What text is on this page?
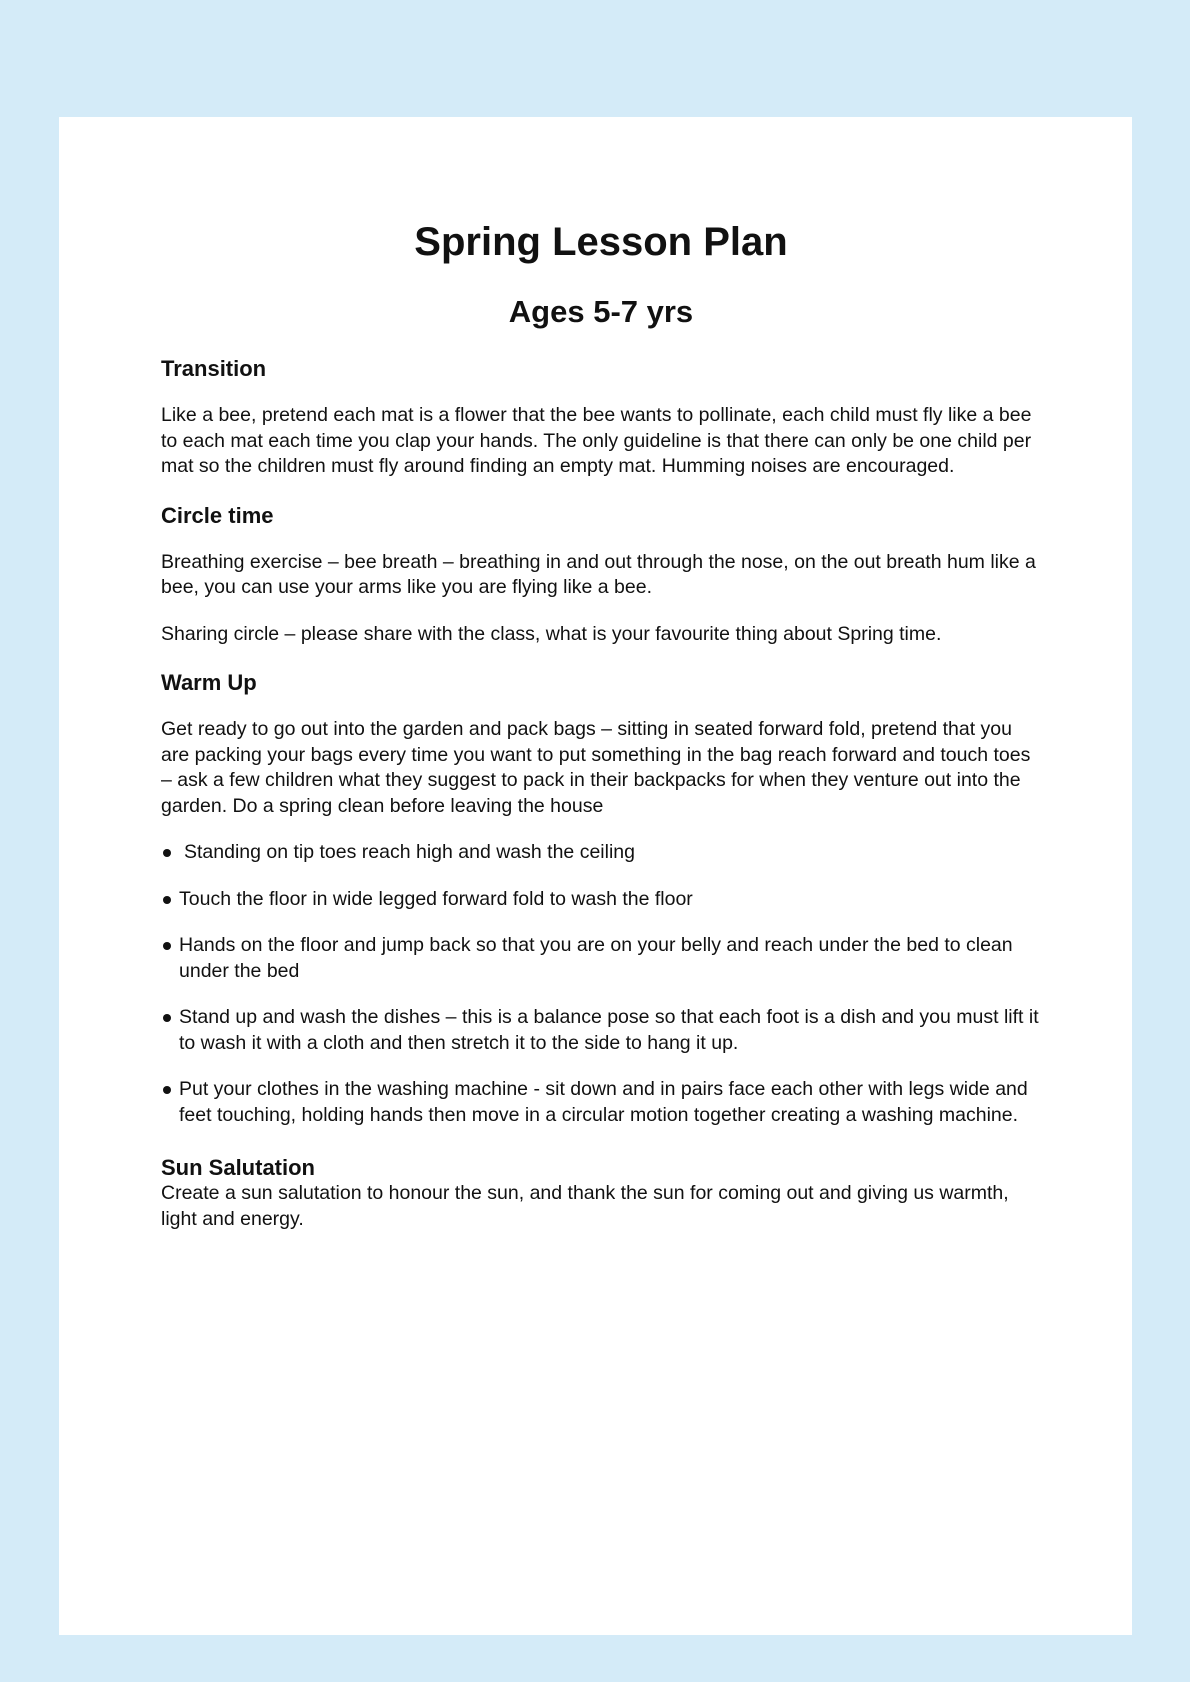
Spring Lesson Plan
Ages 5-7 yrs
Transition

Like a bee, pretend each mat is a flower that the bee wants to pollinate, each child must fly like a bee to each mat each time you clap your hands. The only guideline is that there can only be one child per mat so the children must fly around finding an empty mat. Humming noises are encouraged.

Circle time

Breathing exercise – bee breath – breathing in and out through the nose, on the out breath hum like a bee, you can use your arms like you are flying like a bee.

Sharing circle – please share with the class, what is your favourite thing about Spring time.

Warm Up

Get ready to go out into the garden and pack bags – sitting in seated forward fold, pretend that you are packing your bags every time you want to put something in the bag reach forward and touch toes – ask a few children what they suggest to pack in their backpacks for when they venture out into the garden. Do a spring clean before leaving the house

Standing on tip toes reach high and wash the ceiling
Touch the floor in wide legged forward fold to wash the floor
Hands on the floor and jump back so that you are on your belly and reach under the bed to clean under the bed
Stand up and wash the dishes – this is a balance pose so that each foot is a dish and you must lift it to wash it with a cloth and then stretch it to the side to hang it up.
Put your clothes in the washing machine - sit down and in pairs face each other with legs wide and feet touching, holding hands then move in a circular motion together creating a washing machine.
Sun Salutation

Create a sun salutation to honour the sun, and thank the sun for coming out and giving us warmth, light and energy.
